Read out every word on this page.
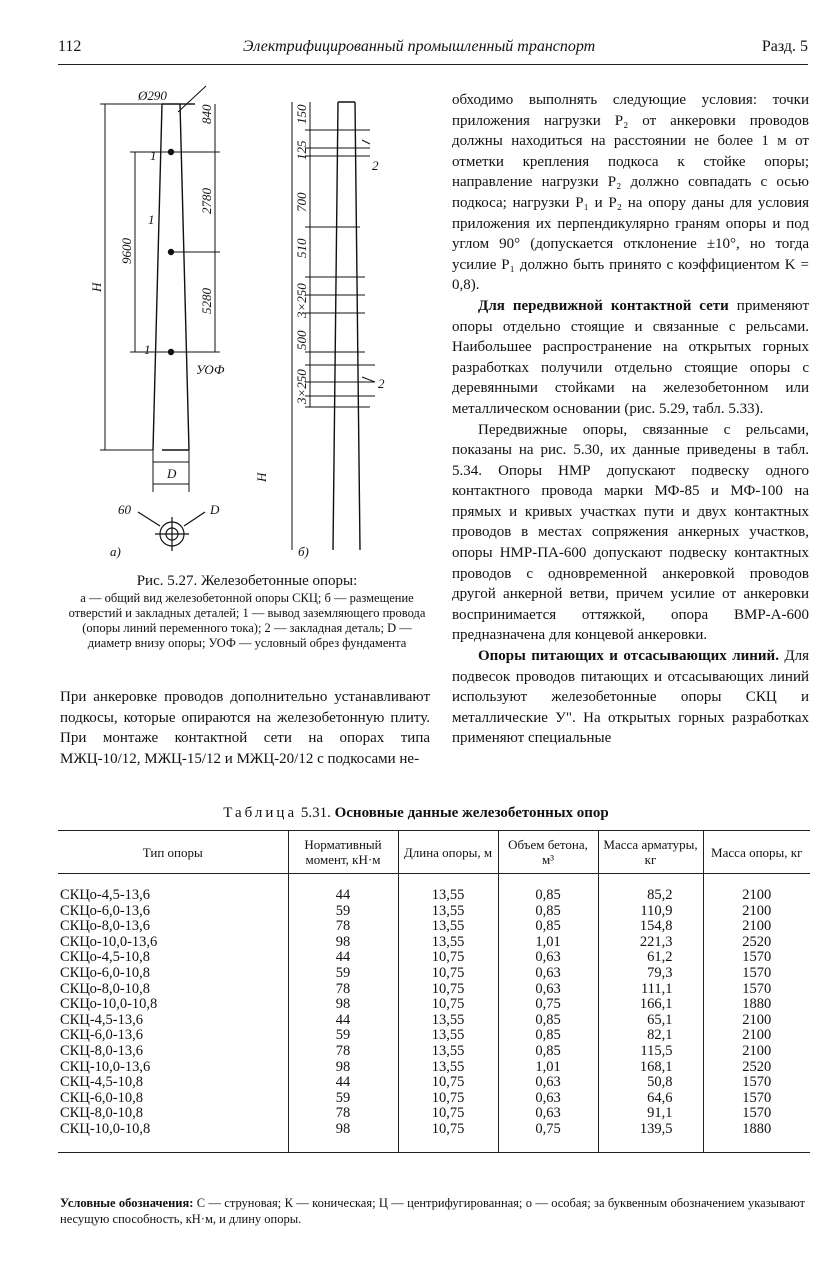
112	Электрифицированный промышленный транспорт	Разд. 5
Ø290
840
2780
5280
9600
H
1
1
1
УОФ
D
60	D
а)
150
125
700
510
3×250
500
3×250
2
2
H
б)
Рис. 5.27. Железобетонные опоры:
а — общий вид железобетонной опоры СКЦ; б — размещение отверстий и закладных деталей; 1 — вывод заземляющего провода (опоры линий переменного тока); 2 — закладная деталь; D — диаметр внизу опоры; УОФ — условный обрез фундамента

При анкеровке проводов дополнительно устанавливают подкосы, которые опираются на железобетонную плиту. При монтаже контактной сети на опорах типа МЖЦ-10/12, МЖЦ-15/12 и МЖЦ-20/12 с подкосами не-

обходимо выполнять следующие условия: точки приложения нагрузки P₂ от анкеровки проводов должны находиться на расстоянии не более 1 м от отметки крепления подкоса к стойке опоры; направление нагрузки P₂ должно совпадать с осью подкоса; нагрузки P₁ и P₂ на опору даны для условия приложения их перпендикулярно граням опоры и под углом 90° (допускается отклонение ±10°, но тогда усилие P₁ должно быть принято с коэффициентом K = 0,8).

Для передвижной контактной сети применяют опоры отдельно стоящие и связанные с рельсами. Наибольшее распространение на открытых горных разработках получили отдельно стоящие опоры с деревянными стойками на железобетонном или металлическом основании (рис. 5.29, табл. 5.33).

Передвижные опоры, связанные с рельсами, показаны на рис. 5.30, их данные приведены в табл. 5.34. Опоры НМР допускают подвеску одного контактного провода марки МФ-85 и МФ-100 на прямых и кривых участках пути и двух контактных проводов в местах сопряжения анкерных участков, опоры НМР-ПА-600 допускают подвеску контактных проводов с одновременной анкеровкой проводов другой анкерной ветви, причем усилие от анкеровки воспринимается оттяжкой, опора ВМР-А-600 предназначена для концевой анкеровки.

Опоры питающих и отсасывающих линий. Для подвесок проводов питающих и отсасывающих линий используют железобетонные опоры СКЦ и металлические У". На открытых горных разработках применяют специальные

Таблица 5.31. Основные данные железобетонных опор
Тип опоры	Нормативный момент, кН·м	Длина опоры, м	Объем бетона, м³	Масса арматуры, кг	Масса опоры, кг
СКЦо-4,5-13,6	44	13,55	0,85	85,2	2100
СКЦо-6,0-13,6	59	13,55	0,85	110,9	2100
СКЦо-8,0-13,6	78	13,55	0,85	154,8	2100
СКЦо-10,0-13,6	98	13,55	1,01	221,3	2520
СКЦо-4,5-10,8	44	10,75	0,63	61,2	1570
СКЦо-6,0-10,8	59	10,75	0,63	79,3	1570
СКЦо-8,0-10,8	78	10,75	0,63	111,1	1570
СКЦо-10,0-10,8	98	10,75	0,75	166,1	1880
СКЦ-4,5-13,6	44	13,55	0,85	65,1	2100
СКЦ-6,0-13,6	59	13,55	0,85	82,1	2100
СКЦ-8,0-13,6	78	13,55	0,85	115,5	2100
СКЦ-10,0-13,6	98	13,55	1,01	168,1	2520
СКЦ-4,5-10,8	44	10,75	0,63	50,8	1570
СКЦ-6,0-10,8	59	10,75	0,63	64,6	1570
СКЦ-8,0-10,8	78	10,75	0,63	91,1	1570
СКЦ-10,0-10,8	98	10,75	0,75	139,5	1880
Условные обозначения: С — струновая; К — коническая; Ц — центрифугированная; о — особая; за буквенным обозначением указывают несущую способность, кН·м, и длину опоры.
